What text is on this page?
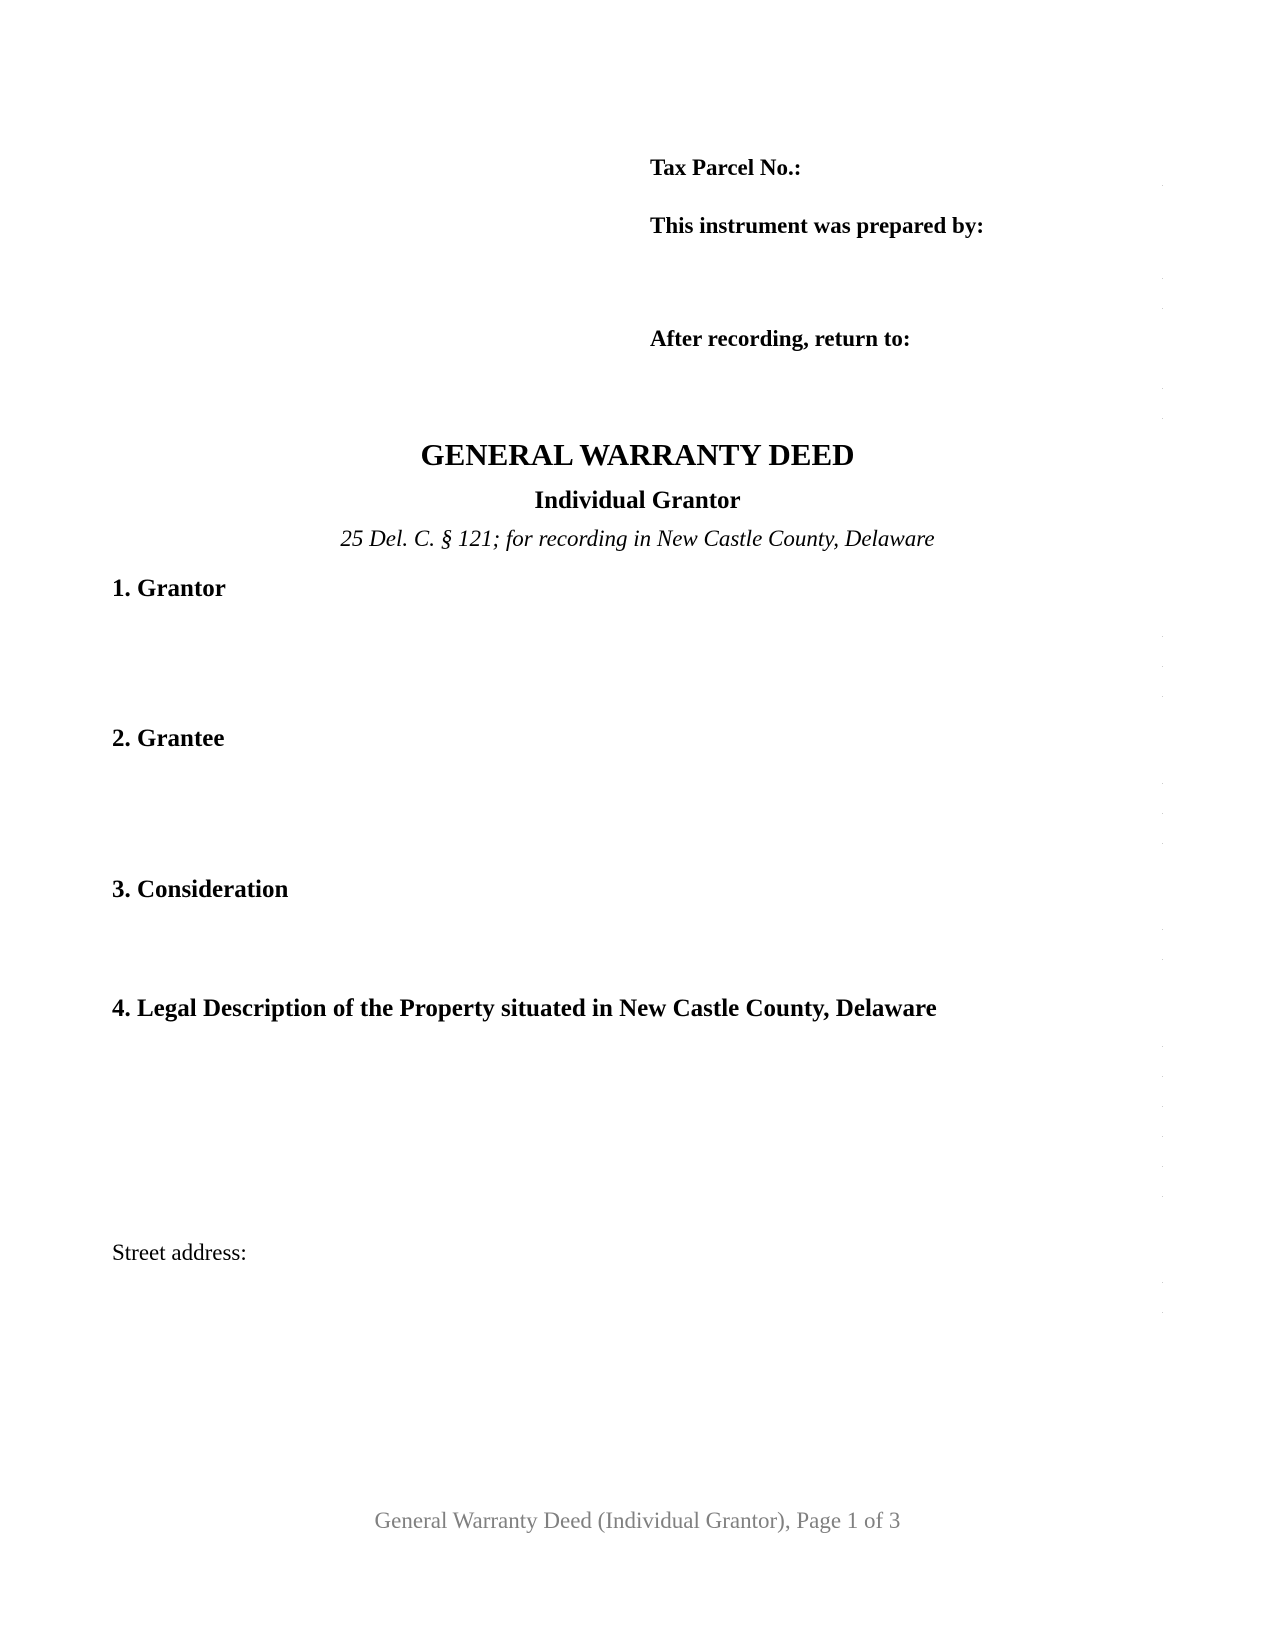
Tax Parcel No.:
This instrument was prepared by:
After recording, return to:
GENERAL WARRANTY DEED
Individual Grantor
25 Del. C. § 121; for recording in New Castle County, Delaware
1. Grantor
2. Grantee
3. Consideration
4. Legal Description of the Property situated in New Castle County, Delaware
Street address:
General Warranty Deed (Individual Grantor), Page 1 of 3
